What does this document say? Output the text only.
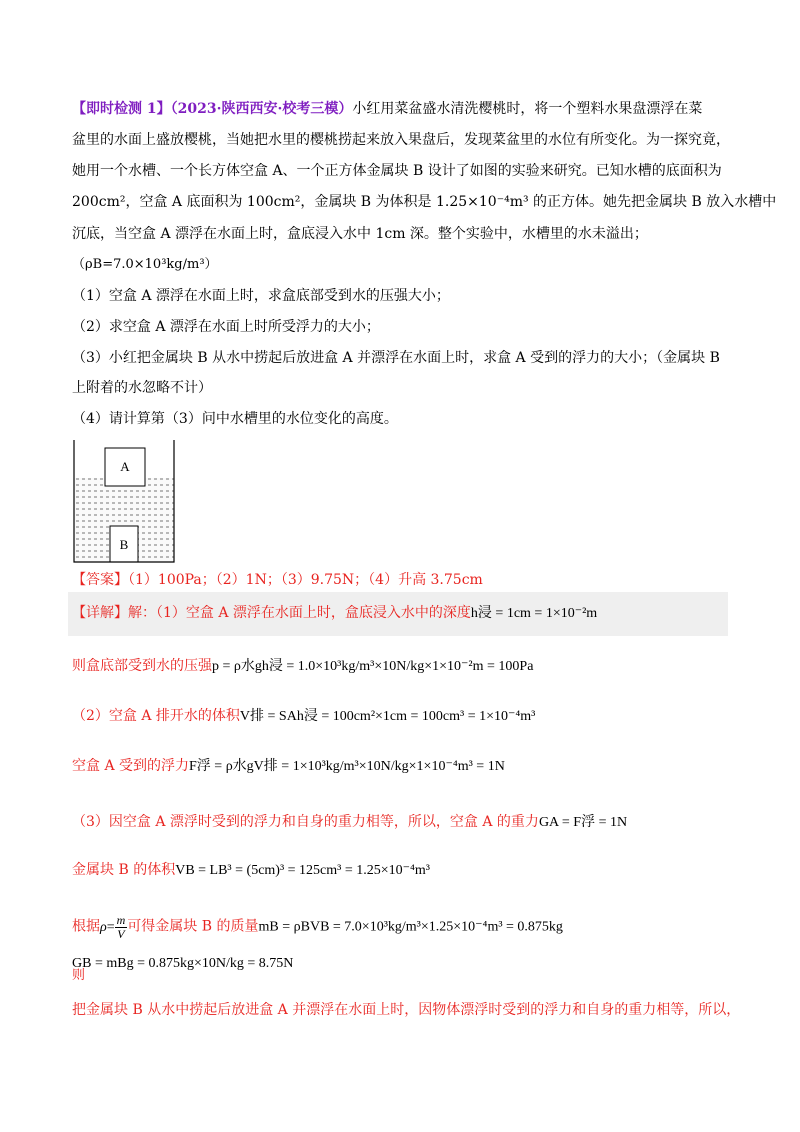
【即时检测 1】（2023·陕西西安·校考三模）小红用菜盆盛水清洗樱桃时，将一个塑料水果盘漂浮在菜
盆里的水面上盛放樱桃，当她把水里的樱桃捞起来放入果盘后，发现菜盆里的水位有所变化。为一探究竟，
她用一个水槽、一个长方体空盒 A、一个正方体金属块 B 设计了如图的实验来研究。已知水槽的底面积为
200cm²，空盒 A 底面积为 100cm²，金属块 B 为体积是 1.25×10⁻⁴m³ 的正方体。她先把金属块 B 放入水槽中
沉底，当空盒 A 漂浮在水面上时，盒底浸入水中 1cm 深。整个实验中，水槽里的水未溢出；
（ρB=7.0×10³kg/m³）
（1）空盒 A 漂浮在水面上时，求盒底部受到水的压强大小；
（2）求空盒 A 漂浮在水面上时所受浮力的大小；
（3）小红把金属块 B 从水中捞起后放进盒 A 并漂浮在水面上时，求盒 A 受到的浮力的大小；（金属块 B
上附着的水忽略不计）
（4）请计算第（3）问中水槽里的水位变化的高度。
A
B
【答案】（1）100Pa；（2）1N；（3）9.75N；（4）升高 3.75cm
【详解】解：（1）空盒 A 漂浮在水面上时，盒底浸入水中的深度h浸 = 1cm = 1×10⁻²m
则盒底部受到水的压强p = ρ水gh浸 = 1.0×10³kg/m³×10N/kg×1×10⁻²m = 100Pa
（2）空盒 A 排开水的体积V排 = SAh浸 = 100cm²×1cm = 100cm³ = 1×10⁻⁴m³
空盒 A 受到的浮力F浮 = ρ水gV排 = 1×10³kg/m³×10N/kg×1×10⁻⁴m³ = 1N
（3）因空盒 A 漂浮时受到的浮力和自身的重力相等，所以，空盒 A 的重力GA = F浮 = 1N
金属块 B 的体积VB = LB³ = (5cm)³ = 125cm³ = 1.25×10⁻⁴m³
根据$\rho= \frac{m}{V}$ 可得金属块 B 的质量mB = ρBVB = 7.0×10³kg/m³×1.25×10⁻⁴m³ = 0.875kg
GB = mBg = 0.875kg×10N/kg = 8.75N
则
把金属块 B 从水中捞起后放进盒 A 并漂浮在水面上时，因物体漂浮时受到的浮力和自身的重力相等，所以，
